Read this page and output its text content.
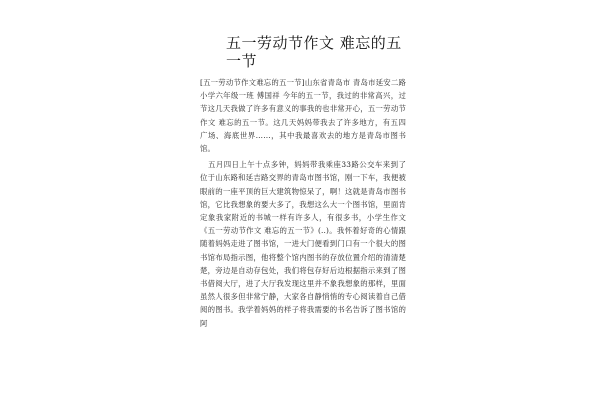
五一劳动节作文 难忘的五一节

[五一劳动节作文难忘的五一节]山东省青岛市 青岛市延安二路小学六年级一班 傅国祥 今年的五一节，我过的非常高兴，过节这几天我做了许多有意义的事我的也非常开心，五一劳动节作文 难忘的五一节。这几天妈妈带我去了许多地方，有五四广场、海底世界……，其中我最喜欢去的地方是青岛市图书馆。

五月四日上午十点多钟，妈妈带我乘座33路公交车来到了位于山东路和延吉路交界的青岛市图书馆，刚一下车，我便被眼前的一座平顶的巨大建筑物惊呆了，啊！这就是青岛市图书馆，它比我想象的要大多了，我想这么大一个图书馆，里面肯定象我家附近的书城一样有许多人，有很多书，小学生作文《五一劳动节作文 难忘的五一节》(..)。我怀着好奇的心情跟随着妈妈走进了图书馆，一进大门便看到门口有一个很大的图书馆布局指示图，他将整个馆内图书的存放位置介绍的清清楚楚，旁边是自动存包处，我们将包存好后边根据指示来到了图书借阅大厅，进了大厅我发现这里并不象我想象的那样，里面虽然人很多但非常宁静，大家各自静悄悄的专心阅读着自己借阅的图书。我学着妈妈的样子将我需要的书名告诉了图书馆的阿
